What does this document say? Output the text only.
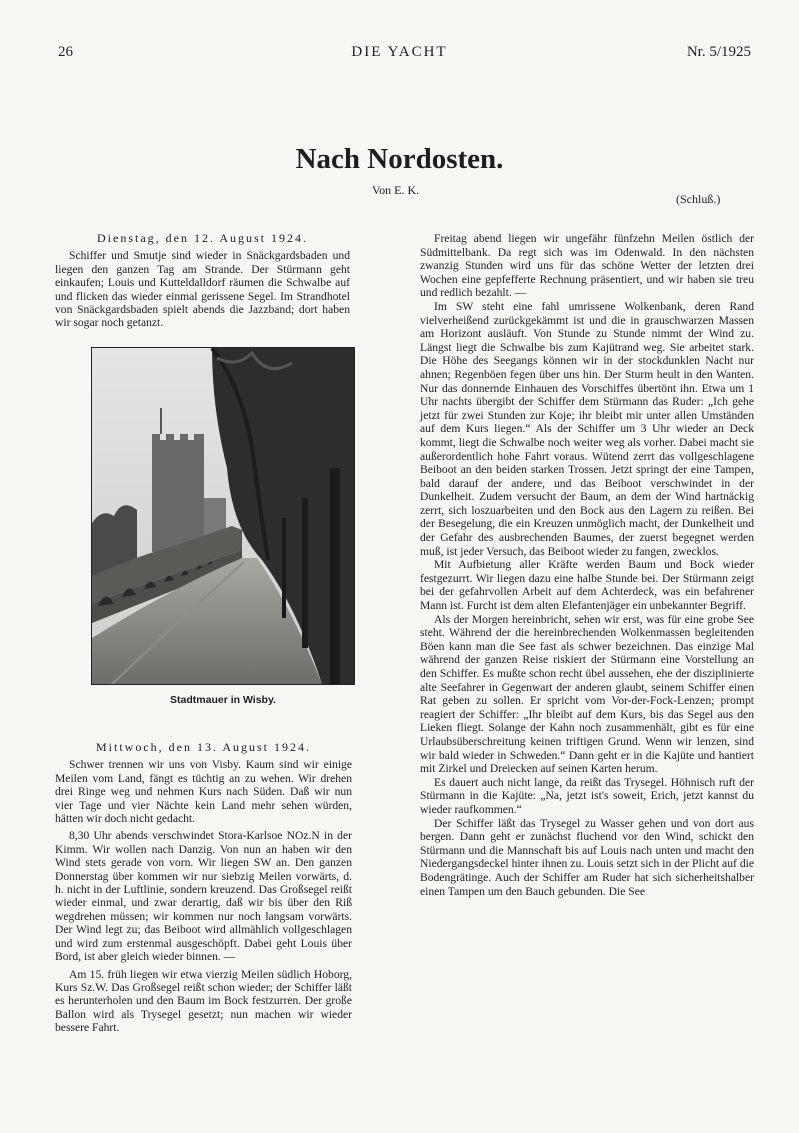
26	DIE YACHT	Nr. 5/1925
Nach Nordosten.
Von E. K.
(Schluß.)

Dienstag, den 12. August 1924.

Schiffer und Smutje sind wieder in Snäckgardsbaden und liegen den ganzen Tag am Strande. Der Stürmann geht einkaufen; Louis und Kutteldalldorf räumen die Schwalbe auf und flicken das wieder einmal gerissene Segel. Im Strandhotel von Snäckgardsbaden spielt abends die Jazzband; dort haben wir sogar noch getanzt.

Stadtmauer in Wisby.

Mittwoch, den 13. August 1924.

Schwer trennen wir uns von Visby. Kaum sind wir einige Meilen vom Land, fängt es tüchtig an zu wehen. Wir drehen drei Ringe weg und nehmen Kurs nach Süden. Daß wir nun vier Tage und vier Nächte kein Land mehr sehen würden, hätten wir doch nicht gedacht.

8,30 Uhr abends verschwindet Stora-Karlsoe NOz.N in der Kimm. Wir wollen nach Danzig. Von nun an haben wir den Wind stets gerade von vorn. Wir liegen SW an. Den ganzen Donnerstag über kommen wir nur siebzig Meilen vorwärts, d. h. nicht in der Luftlinie, sondern kreuzend. Das Großsegel reißt wieder einmal, und zwar derartig, daß wir bis über den Riß wegdrehen müssen; wir kommen nur noch langsam vorwärts. Der Wind legt zu; das Beiboot wird allmählich vollgeschlagen und wird zum erstenmal ausgeschöpft. Dabei geht Louis über Bord, ist aber gleich wieder binnen. —

Am 15. früh liegen wir etwa vierzig Meilen südlich Hoborg, Kurs Sz.W. Das Großsegel reißt schon wieder; der Schiffer läßt es herunterholen und den Baum im Bock festzurren. Der große Ballon wird als Trysegel gesetzt; nun machen wir wieder bessere Fahrt.

Freitag abend liegen wir ungefähr fünfzehn Meilen östlich der Südmittelbank. Da regt sich was im Odenwald. In den nächsten zwanzig Stunden wird uns für das schöne Wetter der letzten drei Wochen eine gepfefferte Rechnung präsentiert, und wir haben sie treu und redlich bezahlt. —

Im SW steht eine fahl umrissene Wolkenbank, deren Rand vielverheißend zurückgekämmt ist und die in grauschwarzen Massen am Horizont ausläuft. Von Stunde zu Stunde nimmt der Wind zu. Längst liegt die Schwalbe bis zum Kajütrand weg. Sie arbeitet stark. Die Höhe des Seegangs können wir in der stockdunklen Nacht nur ahnen; Regenböen fegen über uns hin. Der Sturm heult in den Wanten. Nur das donnernde Einhauen des Vorschiffes übertönt ihn. Etwa um 1 Uhr nachts übergibt der Schiffer dem Stürmann das Ruder: „Ich gehe jetzt für zwei Stunden zur Koje; ihr bleibt mir unter allen Umständen auf dem Kurs liegen.“ Als der Schiffer um 3 Uhr wieder an Deck kommt, liegt die Schwalbe noch weiter weg als vorher. Dabei macht sie außerordentlich hohe Fahrt voraus. Wütend zerrt das vollgeschlagene Beiboot an den beiden starken Trossen. Jetzt springt der eine Tampen, bald darauf der andere, und das Beiboot verschwindet in der Dunkelheit. Zudem versucht der Baum, an dem der Wind hartnäckig zerrt, sich loszuarbeiten und den Bock aus den Lagern zu reißen. Bei der Besegelung, die ein Kreuzen unmöglich macht, der Dunkelheit und der Gefahr des ausbrechenden Baumes, der zuerst begegnet werden muß, ist jeder Versuch, das Beiboot wieder zu fangen, zwecklos.

Mit Aufbietung aller Kräfte werden Baum und Bock wieder festgezurrt. Wir liegen dazu eine halbe Stunde bei. Der Stürmann zeigt bei der gefahrvollen Arbeit auf dem Achterdeck, was ein befahrener Mann ist. Furcht ist dem alten Elefantenjäger ein unbekannter Begriff.

Als der Morgen hereinbricht, sehen wir erst, was für eine grobe See steht. Während der die hereinbrechenden Wolkenmassen begleitenden Böen kann man die See fast als schwer bezeichnen. Das einzige Mal während der ganzen Reise riskiert der Stürmann eine Vorstellung an den Schiffer. Es mußte schon recht übel aussehen, ehe der disziplinierte alte Seefahrer in Gegenwart der anderen glaubt, seinem Schiffer einen Rat geben zu sollen. Er spricht vom Vor-der-Fock-Lenzen; prompt reagiert der Schiffer: „Ihr bleibt auf dem Kurs, bis das Segel aus den Lieken fliegt. Solange der Kahn noch zusammenhält, gibt es für eine Urlaubsüberschreitung keinen triftigen Grund. Wenn wir lenzen, sind wir bald wieder in Schweden.“ Dann geht er in die Kajüte und hantiert mit Zirkel und Dreiecken auf seinen Karten herum.

Es dauert auch nicht lange, da reißt das Trysegel. Höhnisch ruft der Stürmann in die Kajüte: „Na, jetzt ist's soweit, Erich, jetzt kannst du wieder raufkommen.“

Der Schiffer läßt das Trysegel zu Wasser gehen und von dort aus bergen. Dann geht er zunächst fluchend vor den Wind, schickt den Stürmann und die Mannschaft bis auf Louis nach unten und macht den Niedergangsdeckel hinter ihnen zu. Louis setzt sich in der Plicht auf die Bodengrätinge. Auch der Schiffer am Ruder hat sich sicherheitshalber einen Tampen um den Bauch gebunden. Die See
